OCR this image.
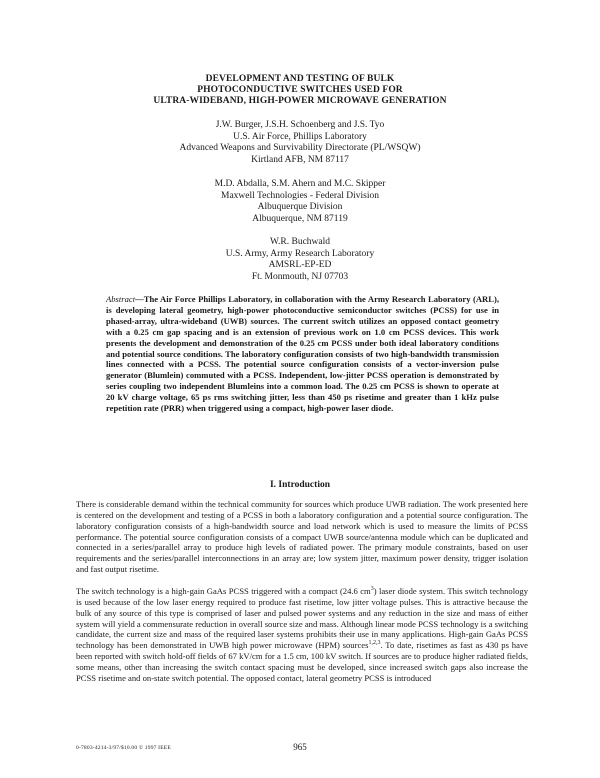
DEVELOPMENT AND TESTING OF BULK
PHOTOCONDUCTIVE SWITCHES USED FOR
ULTRA-WIDEBAND, HIGH-POWER MICROWAVE GENERATION
J.W. Burger, J.S.H. Schoenberg and J.S. Tyo
U.S. Air Force, Phillips Laboratory
Advanced Weapons and Survivability Directorate (PL/WSQW)
Kirtland AFB, NM 87117
M.D. Abdalla, S.M. Ahern and M.C. Skipper
Maxwell Technologies - Federal Division
Albuquerque Division
Albuquerque, NM 87119
W.R. Buchwald
U.S. Army, Army Research Laboratory
AMSRL-EP-ED
Ft. Monmouth, NJ 07703
Abstract—The Air Force Phillips Laboratory, in collaboration with the Army Research Laboratory (ARL), is developing lateral geometry, high-power photoconductive semiconductor switches (PCSS) for use in phased-array, ultra-wideband (UWB) sources. The current switch utilizes an opposed contact geometry with a 0.25 cm gap spacing and is an extension of previous work on 1.0 cm PCSS devices. This work presents the development and demonstration of the 0.25 cm PCSS under both ideal laboratory conditions and potential source conditions. The laboratory configuration consists of two high-bandwidth transmission lines connected with a PCSS. The potential source configuration consists of a vector-inversion pulse generator (Blumlein) commuted with a PCSS. Independent, low-jitter PCSS operation is demonstrated by series coupling two independent Blumleins into a common load. The 0.25 cm PCSS is shown to operate at 20 kV charge voltage, 65 ps rms switching jitter, less than 450 ps risetime and greater than 1 kHz pulse repetition rate (PRR) when triggered using a compact, high-power laser diode.
I. Introduction
There is considerable demand within the technical community for sources which produce UWB radiation. The work presented here is centered on the development and testing of a PCSS in both a laboratory configuration and a potential source configuration. The laboratory configuration consists of a high-bandwidth source and load network which is used to measure the limits of PCSS performance. The potential source configuration consists of a compact UWB source/antenna module which can be duplicated and connected in a series/parallel array to produce high levels of radiated power. The primary module constraints, based on user requirements and the series/parallel interconnections in an array are; low system jitter, maximum power density, trigger isolation and fast output risetime.
The switch technology is a high-gain GaAs PCSS triggered with a compact (24.6 $cm^3$) laser diode system. This switch technology is used because of the low laser energy required to produce fast risetime, low jitter voltage pulses. This is attractive because the bulk of any source of this type is comprised of laser and pulsed power systems and any reduction in the size and mass of either system will yield a commensurate reduction in overall source size and mass. Although linear mode PCSS technology is a switching candidate, the current size and mass of the required laser systems prohibits their use in many applications. High-gain GaAs PCSS technology has been demonstrated in UWB high power microwave (HPM) sources$^{1,2,3}$. To date, risetimes as fast as 430 ps have been reported with switch hold-off fields of 67 kV/cm for a 1.5 cm, 100 kV switch. If sources are to produce higher radiated fields, some means, other than increasing the switch contact spacing must be developed, since increased switch gaps also increase the PCSS risetime and on-state switch potential. The opposed contact, lateral geometry PCSS is introduced
0-7803-4214-3/97/$10.00 © 1997 IEEE	965
